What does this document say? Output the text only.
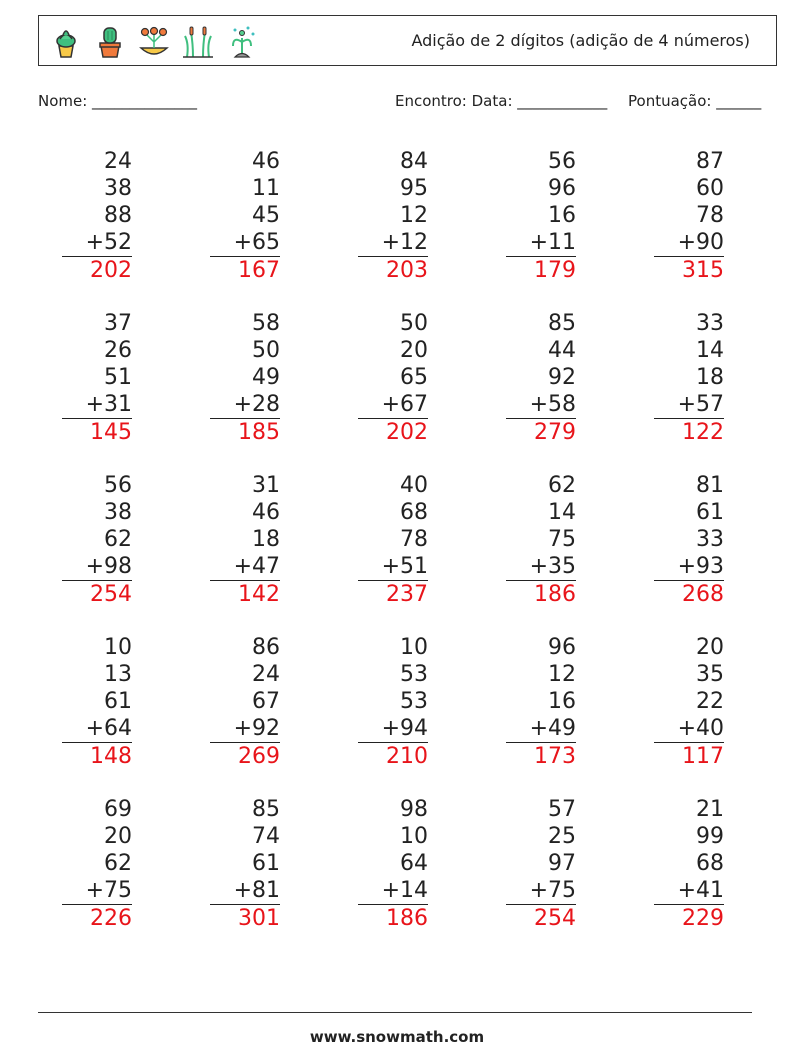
Adição de 2 dígitos (adição de 4 números)
Nome: ______________	Encontro: Data: ____________ Pontuação: ______
24
38
88
+52
202
46
11
45
+65
167
84
95
12
+12
203
56
96
16
+11
179
87
60
78
+90
315
37
26
51
+31
145
58
50
49
+28
185
50
20
65
+67
202
85
44
92
+58
279
33
14
18
+57
122
56
38
62
+98
254
31
46
18
+47
142
40
68
78
+51
237
62
14
75
+35
186
81
61
33
+93
268
10
13
61
+64
148
86
24
67
+92
269
10
53
53
+94
210
96
12
16
+49
173
20
35
22
+40
117
69
20
62
+75
226
85
74
61
+81
301
98
10
64
+14
186
57
25
97
+75
254
21
99
68
+41
229
www.snowmath.com
